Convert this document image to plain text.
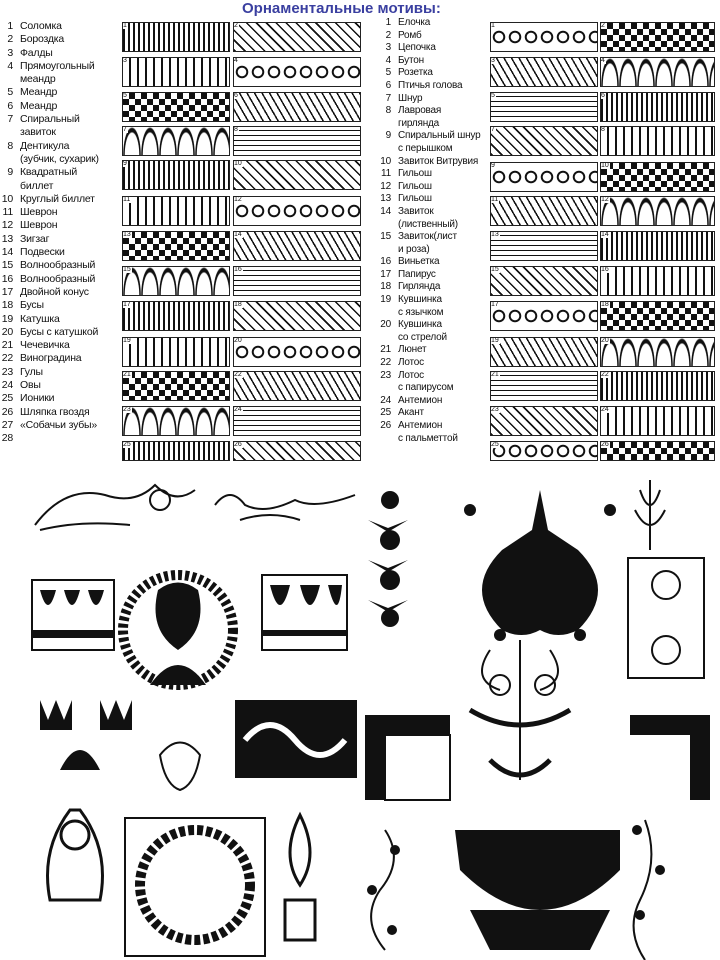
Орнаментальные мотивы:
1 Соломка
2 Бороздка
3 Фалды
4 Прямоугольный
меандр
5 Меандр
6 Меандр
7 Спиральный
завиток
8 Дентикула
(зубчик, сухарик)
9 Квадратный
биллет
10 Круглый биллет
11 Шеврон
12 Шеврон
13 Зигзаг
14 Подвески
15 Волнообразный
16 Волнообразный
17 Двойной конус
18 Бусы
19 Катушка
20 Бусы с катушкой
21 Чечевичка
22 Виноградина
23 Гулы
24 Овы
25 Ионики
26 Шляпка гвоздя
27 «Собачьи зубы»
28
1 Елочка
2 Ромб
3 Цепочка
4 Бутон
5 Розетка
6 Птичья голова
7 Шнур
8 Лавровая
гирлянда
9 Спиральный шнур
с перышком
10 Завиток Витрувия
11 Гильош
12 Гильош
13 Гильош
14 Завиток
(лиственный)
15 Завиток(лист
и роза)
16 Виньетка
17 Папирус
18 Гирлянда
19 Кувшинка
с язычком
20 Кувшинка
со стрелой
21 Люнет
22 Лотос
23 Лотос
с папирусом
24 Антемион
25 Акант
26 Антемион
с пальметтой
1	2
3	4
5	6
7	8
9	10
11	12
13	14
15	16
17	18
19	20
21	22
23	24
25	26
1	2
3	4
5	6
7	8
9	10
11	12
13	14
15	16
17	18
19	20
21	22
23	24
25	26
